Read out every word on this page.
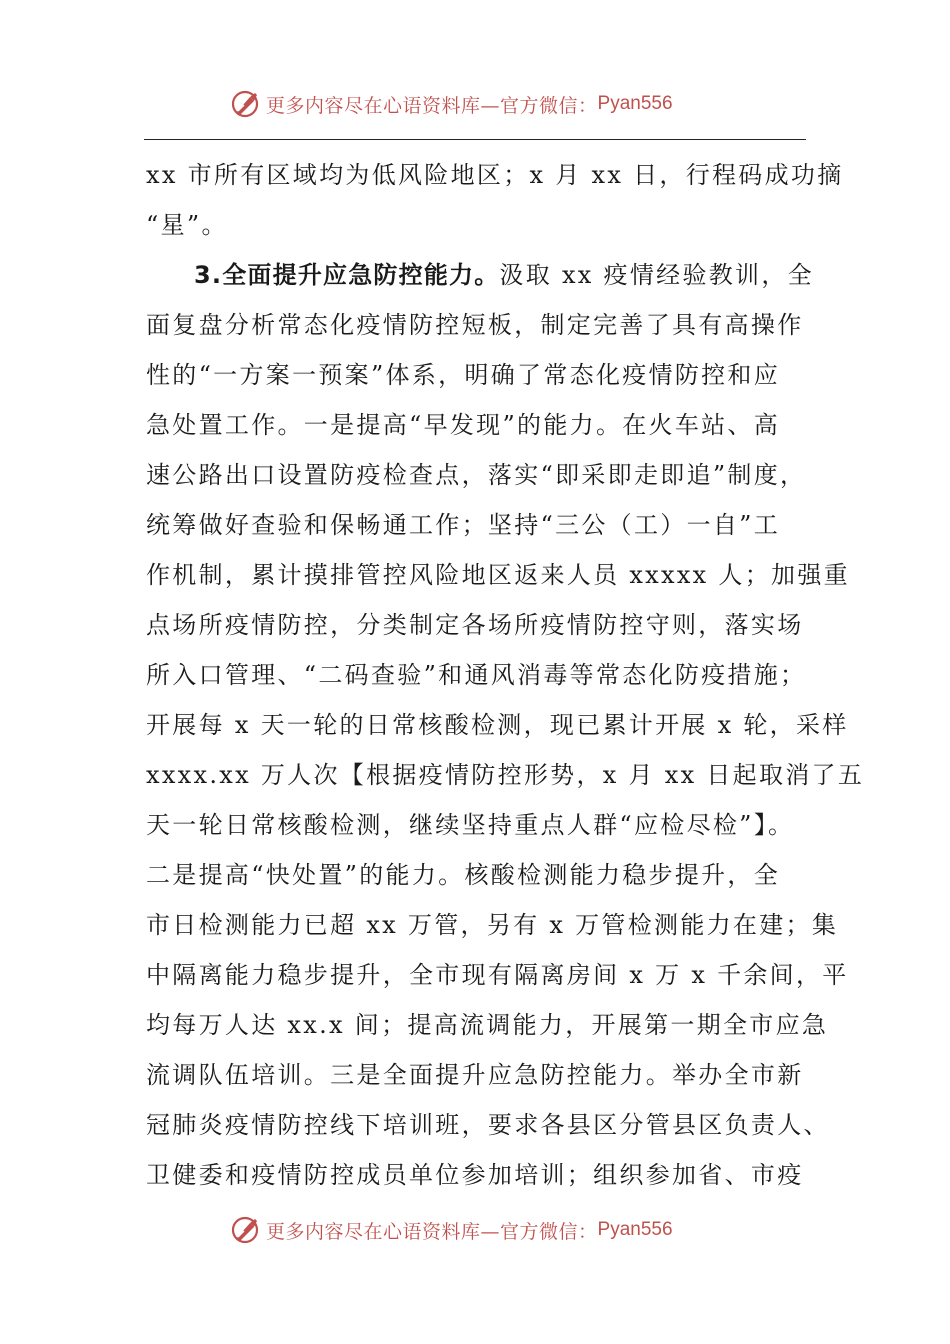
更多内容尽在心语资料库—官方微信： Pyan556
xx 市所有区域均为低风险地区；x 月 xx 日，行程码成功摘
“星”。
3.全面提升应急防控能力。汲取 xx 疫情经验教训，全
面复盘分析常态化疫情防控短板，制定完善了具有高操作
性的“一方案一预案”体系，明确了常态化疫情防控和应
急处置工作。一是提高“早发现”的能力。在火车站、高
速公路出口设置防疫检查点，落实“即采即走即追”制度，
统筹做好查验和保畅通工作；坚持“三公（工）一自”工
作机制，累计摸排管控风险地区返来人员 xxxxx 人；加强重
点场所疫情防控，分类制定各场所疫情防控守则，落实场
所入口管理、“二码查验”和通风消毒等常态化防疫措施；
开展每 x 天一轮的日常核酸检测，现已累计开展 x 轮，采样
xxxx.xx 万人次【根据疫情防控形势，x 月 xx 日起取消了五
天一轮日常核酸检测，继续坚持重点人群“应检尽检”】。
二是提高“快处置”的能力。核酸检测能力稳步提升，全
市日检测能力已超 xx 万管，另有 x 万管检测能力在建；集
中隔离能力稳步提升，全市现有隔离房间 x 万 x 千余间，平
均每万人达 xx.x 间；提高流调能力，开展第一期全市应急
流调队伍培训。三是全面提升应急防控能力。举办全市新
冠肺炎疫情防控线下培训班，要求各县区分管县区负责人、
卫健委和疫情防控成员单位参加培训；组织参加省、市疫
更多内容尽在心语资料库—官方微信： Pyan556
